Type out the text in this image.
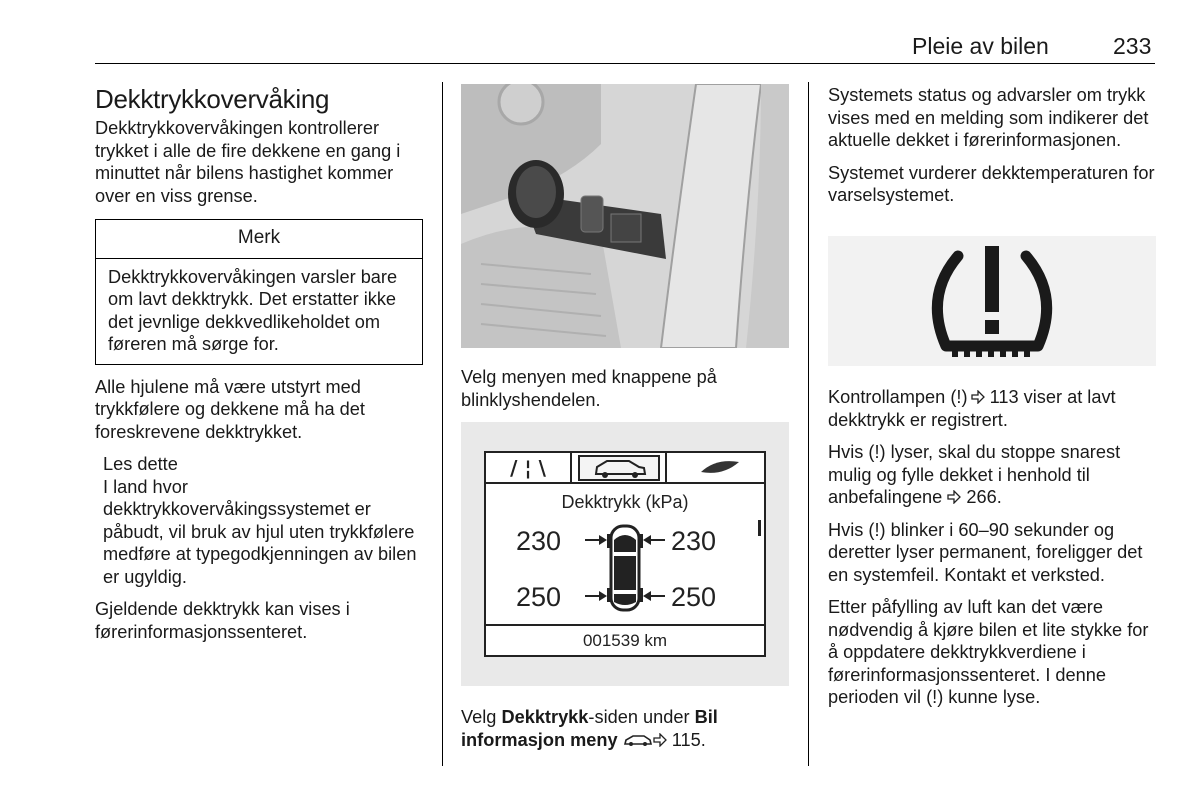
Pleie av bilen	233
Dekktrykkovervåking

Dekktrykkovervåkingen kontrollerer trykket i alle de fire dekkene en gang i minuttet når bilens hastighet kommer over en viss grense.

Merk
Dekktrykkovervåkingen varsler bare om lavt dekktrykk. Det erstatter ikke det jevnlige dekkvedlikeholdet om føreren må sørge for.

Alle hjulene må være utstyrt med trykkfølere og dekkene må ha det foreskrevene dekktrykket.

Les dette
I land hvor dekktrykkovervåkingssystemet er påbudt, vil bruk av hjul uten trykkfølere medføre at typegodkjenningen av bilen er ugyldig.

Gjeldende dekktrykk kan vises i førerinformasjonssenteret.

Velg menyen med knappene på blinklyshendelen.
/ ¦ \
Dekktrykk (kPa)
230	230
250	250
001539 km
Velg Dekktrykk-siden under Bil informasjon meny	115.

Systemets status og advarsler om trykk vises med en melding som indikerer det aktuelle dekket i førerinformasjonen.

Systemet vurderer dekktemperaturen for varselsystemet.

Kontrollampen (!) 113 viser at lavt dekktrykk er registrert.

Hvis (!) lyser, skal du stoppe snarest mulig og fylle dekket i henhold til anbefalingene  266.

Hvis (!) blinker i 60–90 sekunder og deretter lyser permanent, foreligger det en systemfeil. Kontakt et verksted.

Etter påfylling av luft kan det være nødvendig å kjøre bilen et lite stykke for å oppdatere dekktrykkverdiene i førerinformasjonssenteret. I denne perioden vil (!) kunne lyse.
